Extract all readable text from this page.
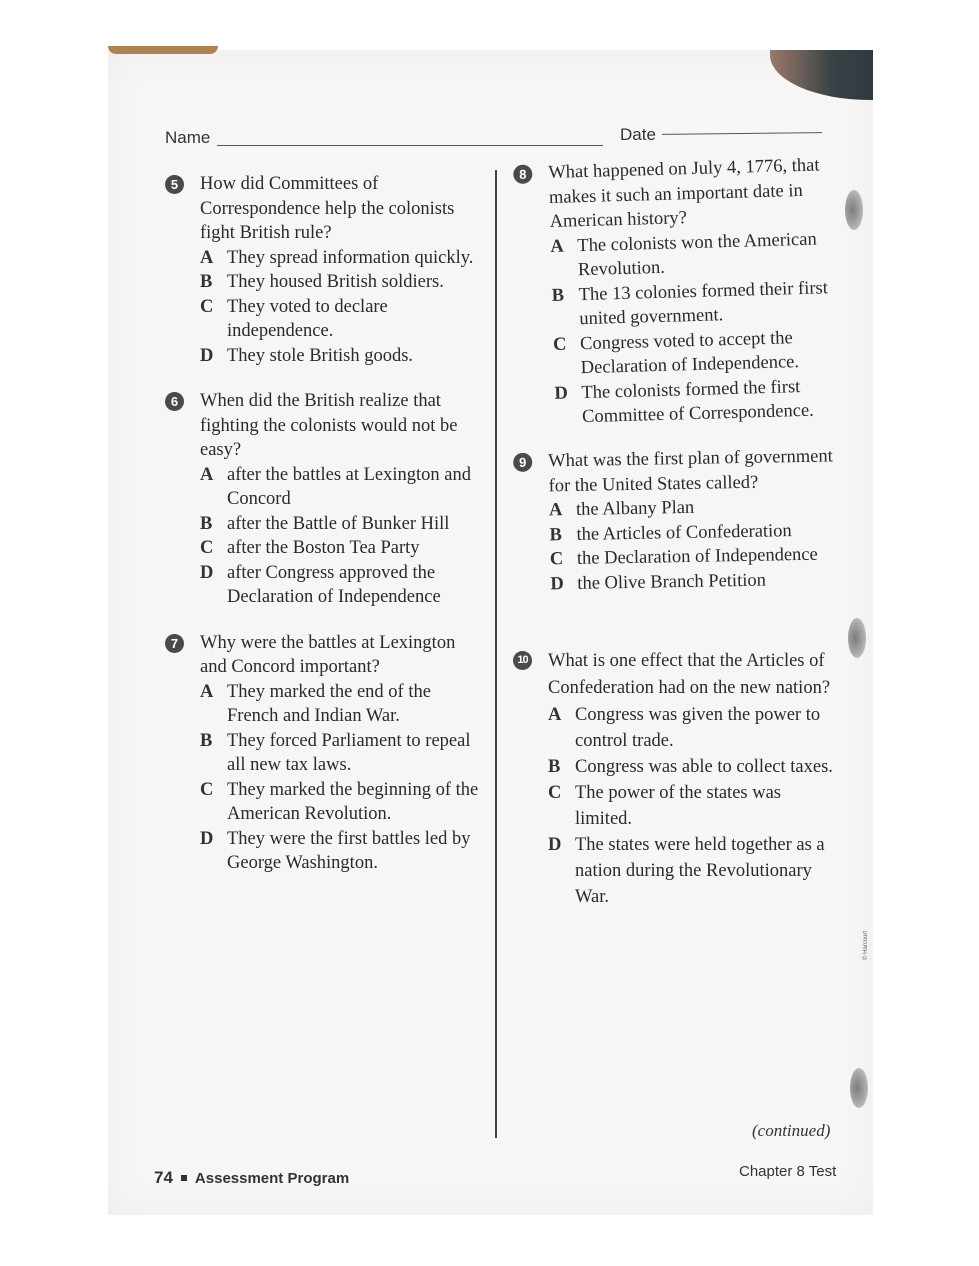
Name	Date
5	How did Committees of Correspondence help the colonists fight British rule?
A They spread information quickly.
B They housed British soldiers.
C They voted to declare independence.
D They stole British goods.
6	When did the British realize that fighting the colonists would not be easy?
A after the battles at Lexington and Concord
B after the Battle of Bunker Hill
C after the Boston Tea Party
D after Congress approved the Declaration of Independence
7	Why were the battles at Lexington and Concord important?
A They marked the end of the French and Indian War.
B They forced Parliament to repeal all new tax laws.
C They marked the beginning of the American Revolution.
D They were the first battles led by George Washington.
8	What happened on July 4, 1776, that makes it such an important date in American history?
A The colonists won the American Revolution.
B The 13 colonies formed their first united government.
C Congress voted to accept the Declaration of Independence.
D The colonists formed the first Committee of Correspondence.
9	What was the first plan of government for the United States called?
A the Albany Plan
B the Articles of Confederation
C the Declaration of Independence
D the Olive Branch Petition
10 What is one effect that the Articles of Confederation had on the new nation?
A Congress was given the power to control trade.
B Congress was able to collect taxes.
C The power of the states was limited.
D The states were held together as a nation during the Revolutionary War.
© Harcourt
(continued)
74 Assessment Program	Chapter 8 Test
